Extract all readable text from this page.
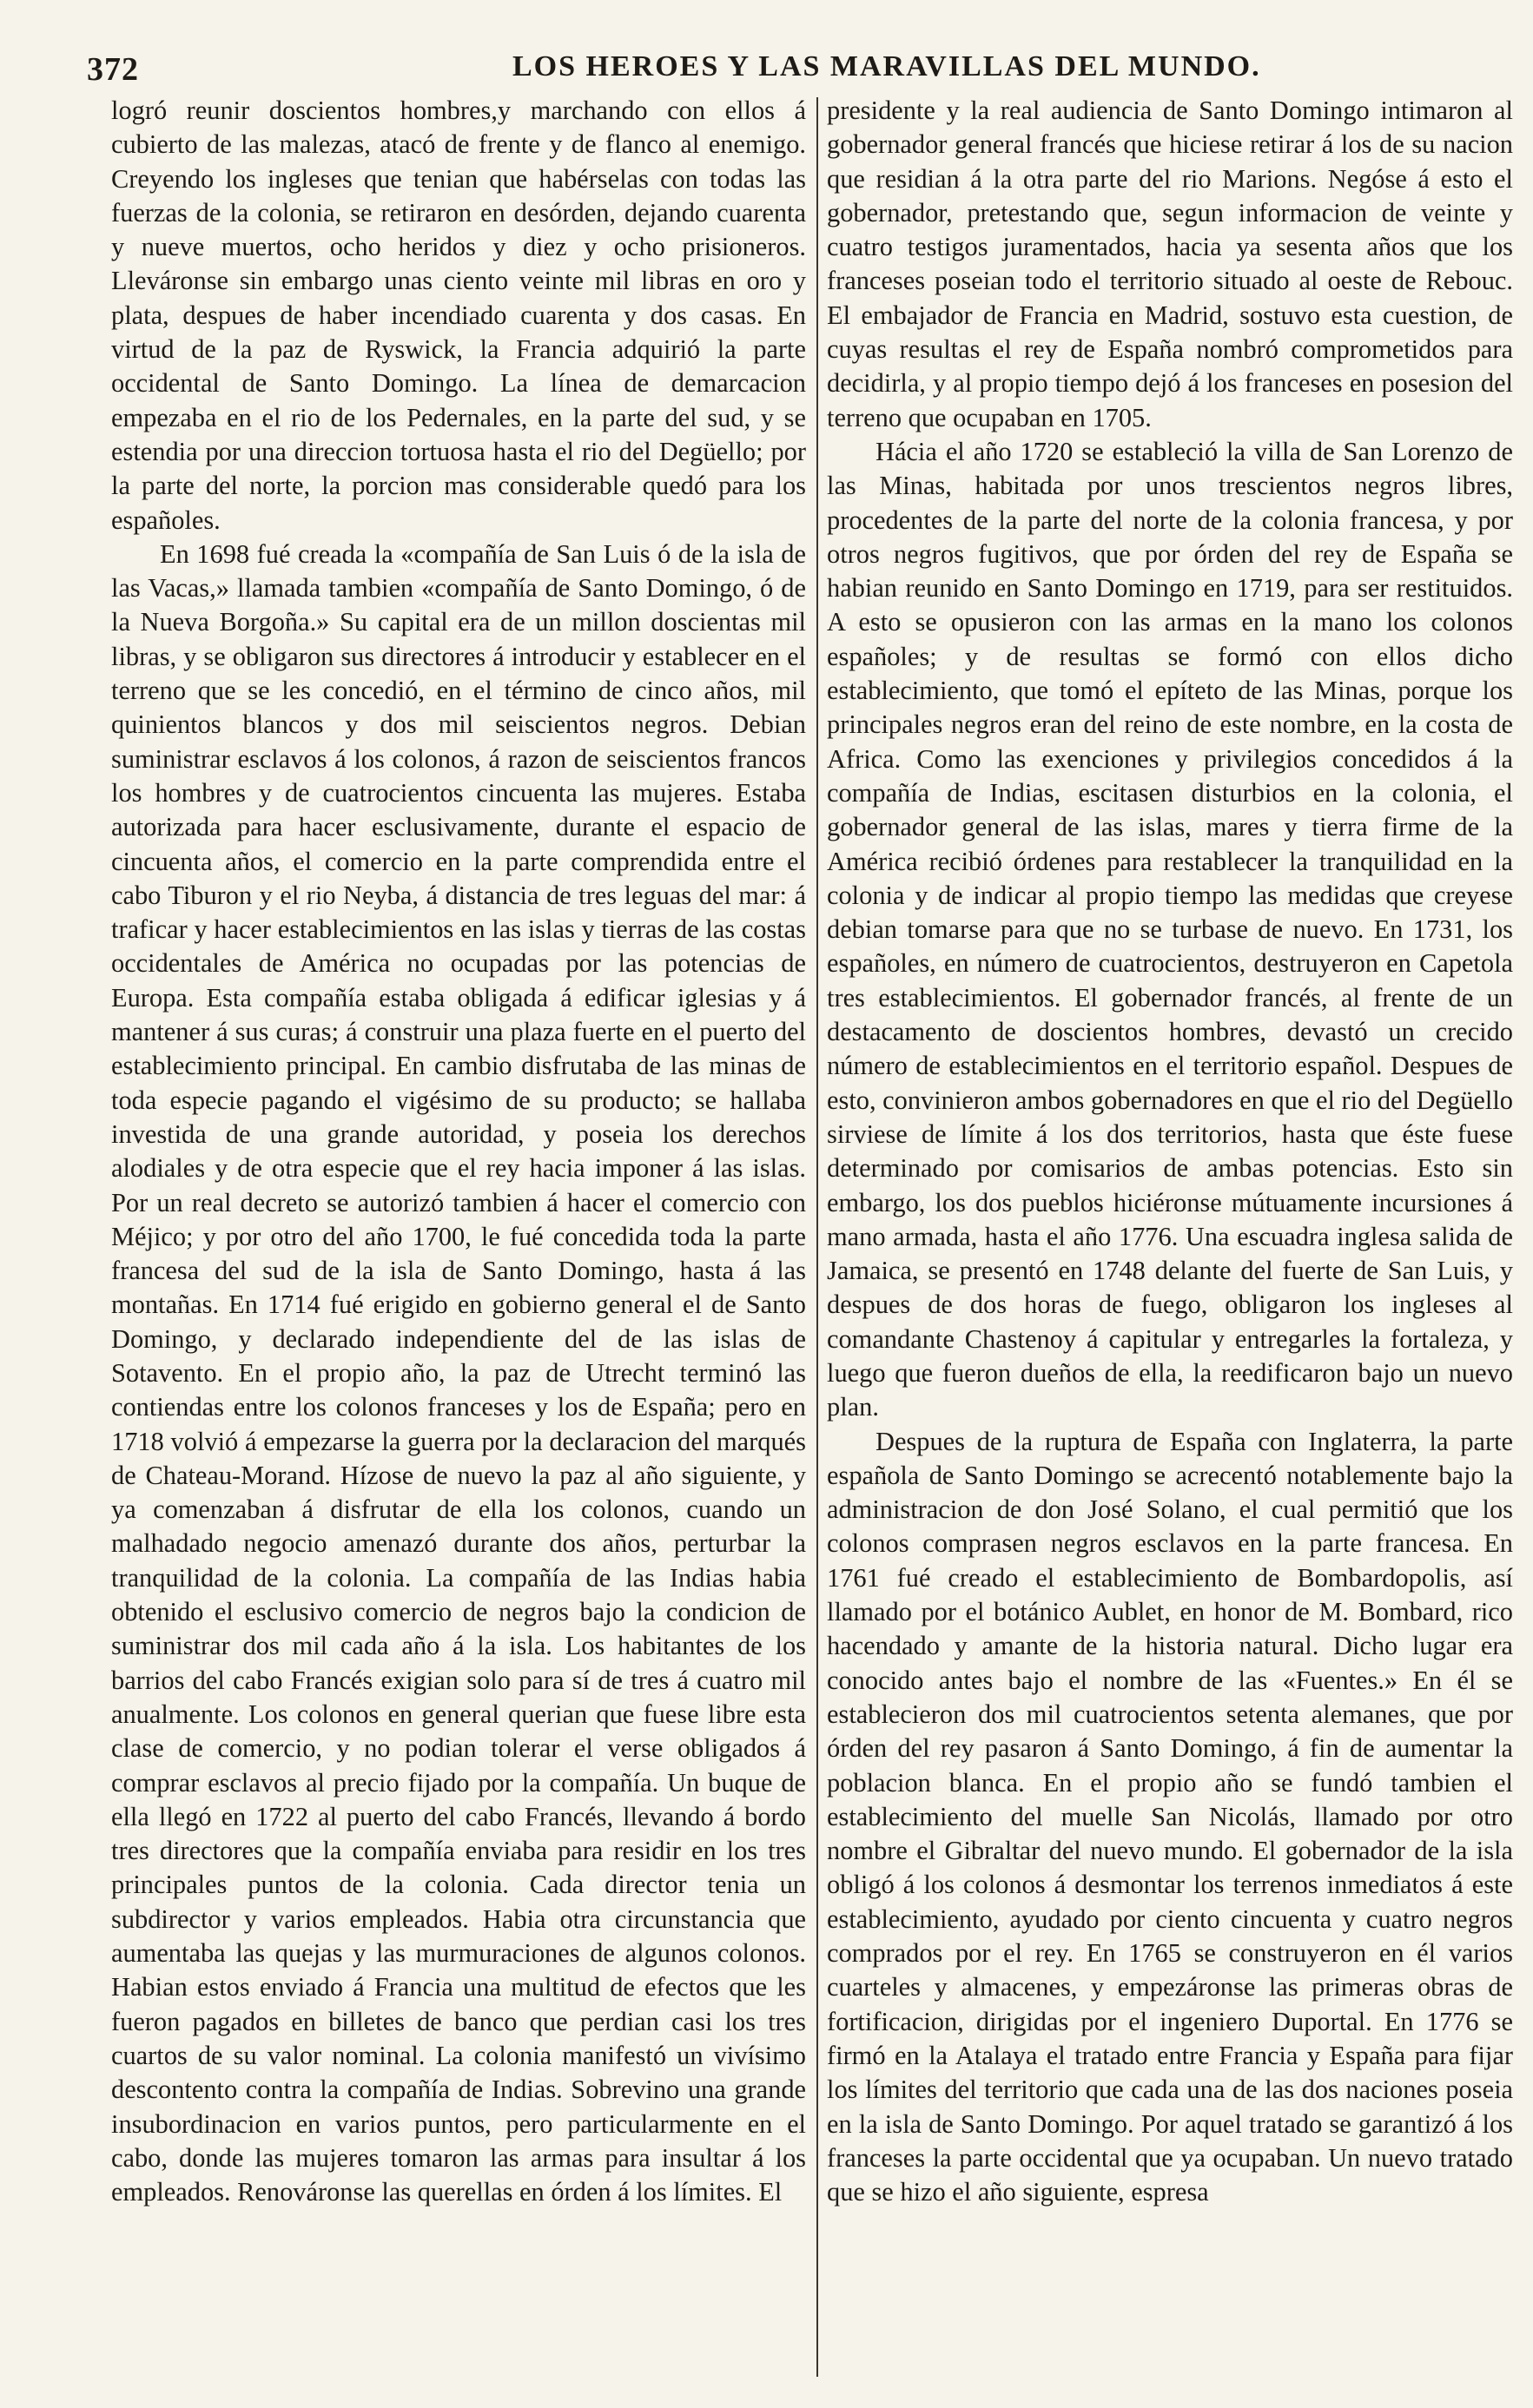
372	LOS HEROES Y LAS MARAVILLAS DEL MUNDO.

logró reunir doscientos hombres,y marchando con ellos á cubierto de las malezas, atacó de frente y de flanco al enemigo. Creyendo los ingleses que tenian que habérselas con todas las fuerzas de la colonia, se retiraron en desórden, dejando cuarenta y nueve muertos, ocho heridos y diez y ocho prisioneros. Lleváronse sin embargo unas ciento veinte mil libras en oro y plata, despues de haber incendiado cuarenta y dos casas. En virtud de la paz de Ryswick, la Francia adquirió la parte occidental de Santo Domingo. La línea de demarcacion empezaba en el rio de los Pedernales, en la parte del sud, y se estendia por una direccion tortuosa hasta el rio del Degüello; por la parte del norte, la porcion mas considerable quedó para los españoles.

En 1698 fué creada la «compañía de San Luis ó de la isla de las Vacas,» llamada tambien «compañía de Santo Domingo, ó de la Nueva Borgoña.» Su capital era de un millon doscientas mil libras, y se obligaron sus directores á introducir y establecer en el terreno que se les concedió, en el término de cinco años, mil quinientos blancos y dos mil seiscientos negros. Debian suministrar esclavos á los colonos, á razon de seiscientos francos los hombres y de cuatrocientos cincuenta las mujeres. Estaba autorizada para hacer esclusivamente, durante el espacio de cincuenta años, el comercio en la parte comprendida entre el cabo Tiburon y el rio Neyba, á distancia de tres leguas del mar: á traficar y hacer establecimientos en las islas y tierras de las costas occidentales de América no ocupadas por las potencias de Europa. Esta compañía estaba obligada á edificar iglesias y á mantener á sus curas; á construir una plaza fuerte en el puerto del establecimiento principal. En cambio disfrutaba de las minas de toda especie pagando el vigésimo de su producto; se hallaba investida de una grande autoridad, y poseia los derechos alodiales y de otra especie que el rey hacia imponer á las islas. Por un real decreto se autorizó tambien á hacer el comercio con Méjico; y por otro del año 1700, le fué concedida toda la parte francesa del sud de la isla de Santo Domingo, hasta á las montañas. En 1714 fué erigido en gobierno general el de Santo Domingo, y declarado independiente del de las islas de Sotavento. En el propio año, la paz de Utrecht terminó las contiendas entre los colonos franceses y los de España; pero en 1718 volvió á empezarse la guerra por la declaracion del marqués de Chateau-Morand. Hízose de nuevo la paz al año siguiente, y ya comenzaban á disfrutar de ella los colonos, cuando un malhadado negocio amenazó durante dos años, perturbar la tranquilidad de la colonia. La compañía de las Indias habia obtenido el esclusivo comercio de negros bajo la condicion de suministrar dos mil cada año á la isla. Los habitantes de los barrios del cabo Francés exigian solo para sí de tres á cuatro mil anualmente. Los colonos en general querian que fuese libre esta clase de comercio, y no podian tolerar el verse obligados á comprar esclavos al precio fijado por la compañía. Un buque de ella llegó en 1722 al puerto del cabo Francés, llevando á bordo tres directores que la compañía enviaba para residir en los tres principales puntos de la colonia. Cada director tenia un subdirector y varios empleados. Habia otra circunstancia que aumentaba las quejas y las murmuraciones de algunos colonos. Habian estos enviado á Francia una multitud de efectos que les fueron pagados en billetes de banco que perdian casi los tres cuartos de su valor nominal. La colonia manifestó un vivísimo descontento contra la compañía de Indias. Sobrevino una grande insubordinacion en varios puntos, pero particularmente en el cabo, donde las mujeres tomaron las armas para insultar á los empleados. Renováronse las querellas en órden á los límites. El

presidente y la real audiencia de Santo Domingo intimaron al gobernador general francés que hiciese retirar á los de su nacion que residian á la otra parte del rio Marions. Negóse á esto el gobernador, pretestando que, segun informacion de veinte y cuatro testigos juramentados, hacia ya sesenta años que los franceses poseian todo el territorio situado al oeste de Rebouc. El embajador de Francia en Madrid, sostuvo esta cuestion, de cuyas resultas el rey de España nombró comprometidos para decidirla, y al propio tiempo dejó á los franceses en posesion del terreno que ocupaban en 1705.

Hácia el año 1720 se estableció la villa de San Lorenzo de las Minas, habitada por unos trescientos negros libres, procedentes de la parte del norte de la colonia francesa, y por otros negros fugitivos, que por órden del rey de España se habian reunido en Santo Domingo en 1719, para ser restituidos. A esto se opusieron con las armas en la mano los colonos españoles; y de resultas se formó con ellos dicho establecimiento, que tomó el epíteto de las Minas, porque los principales negros eran del reino de este nombre, en la costa de Africa. Como las exenciones y privilegios concedidos á la compañía de Indias, escitasen disturbios en la colonia, el gobernador general de las islas, mares y tierra firme de la América recibió órdenes para restablecer la tranquilidad en la colonia y de indicar al propio tiempo las medidas que creyese debian tomarse para que no se turbase de nuevo. En 1731, los españoles, en número de cuatrocientos, destruyeron en Capetola tres establecimientos. El gobernador francés, al frente de un destacamento de doscientos hombres, devastó un crecido número de establecimientos en el territorio español. Despues de esto, convinieron ambos gobernadores en que el rio del Degüello sirviese de límite á los dos territorios, hasta que éste fuese determinado por comisarios de ambas potencias. Esto sin embargo, los dos pueblos hiciéronse mútuamente incursiones á mano armada, hasta el año 1776. Una escuadra inglesa salida de Jamaica, se presentó en 1748 delante del fuerte de San Luis, y despues de dos horas de fuego, obligaron los ingleses al comandante Chastenoy á capitular y entregarles la fortaleza, y luego que fueron dueños de ella, la reedificaron bajo un nuevo plan.

Despues de la ruptura de España con Inglaterra, la parte española de Santo Domingo se acrecentó notablemente bajo la administracion de don José Solano, el cual permitió que los colonos comprasen negros esclavos en la parte francesa. En 1761 fué creado el establecimiento de Bombardopolis, así llamado por el botánico Aublet, en honor de M. Bombard, rico hacendado y amante de la historia natural. Dicho lugar era conocido antes bajo el nombre de las «Fuentes.» En él se establecieron dos mil cuatrocientos setenta alemanes, que por órden del rey pasaron á Santo Domingo, á fin de aumentar la poblacion blanca. En el propio año se fundó tambien el establecimiento del muelle San Nicolás, llamado por otro nombre el Gibraltar del nuevo mundo. El gobernador de la isla obligó á los colonos á desmontar los terrenos inmediatos á este establecimiento, ayudado por ciento cincuenta y cuatro negros comprados por el rey. En 1765 se construyeron en él varios cuarteles y almacenes, y empezáronse las primeras obras de fortificacion, dirigidas por el ingeniero Duportal. En 1776 se firmó en la Atalaya el tratado entre Francia y España para fijar los límites del territorio que cada una de las dos naciones poseia en la isla de Santo Domingo. Por aquel tratado se garantizó á los franceses la parte occidental que ya ocupaban. Un nuevo tratado que se hizo el año siguiente, espresa
